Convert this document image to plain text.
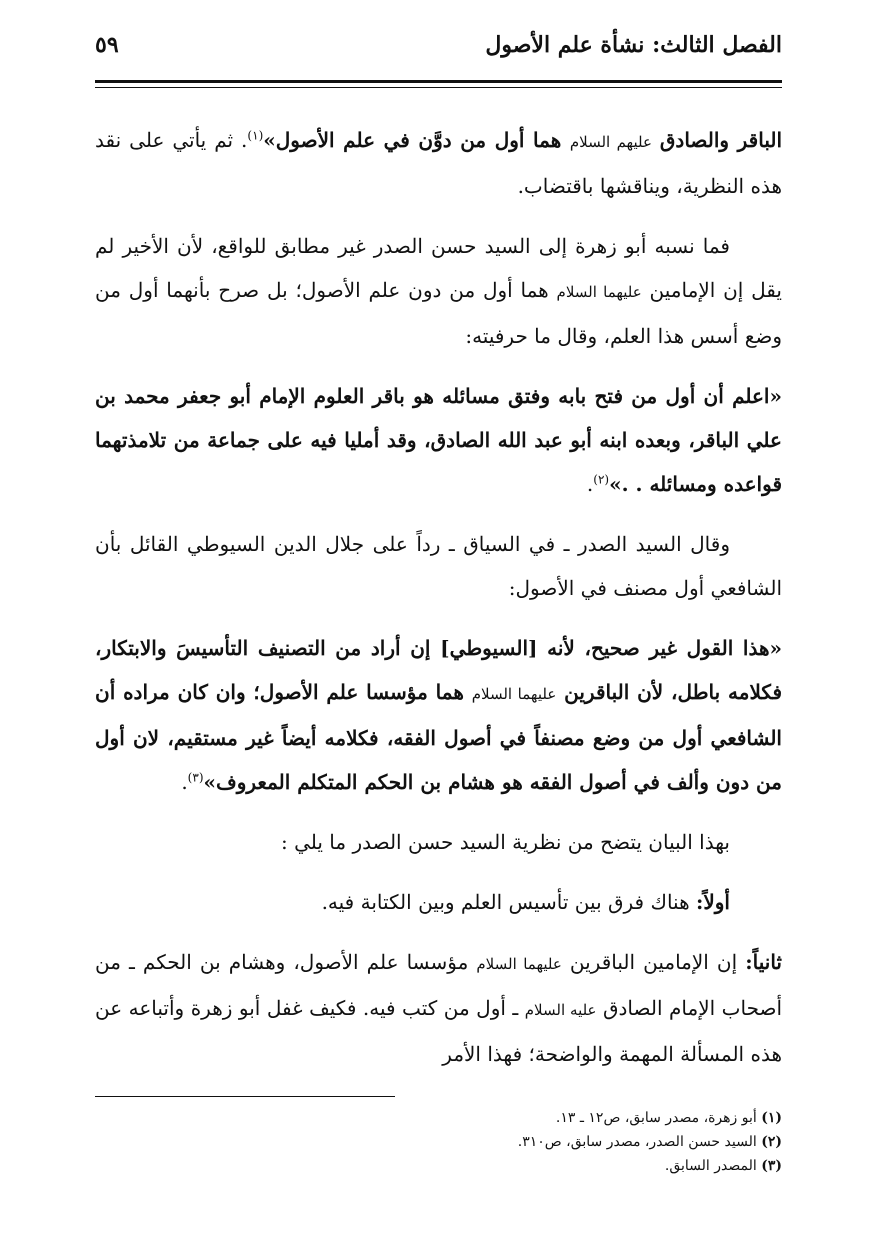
الفصل الثالث: نشأة علم الأصول
٥٩

الباقر والصادق عليهم السلام هما أول من دوَّن في علم الأصول»$^{(١)}$. ثم يأتي على نقد هذه النظرية، ويناقشها باقتضاب.

فما نسبه أبو زهرة إلى السيد حسن الصدر غير مطابق للواقع، لأن الأخير لم يقل إن الإمامين عليهما السلام هما أول من دون علم الأصول؛ بل صرح بأنهما أول من وضع أسس هذا العلم، وقال ما حرفيته:

«اعلم أن أول من فتح بابه وفتق مسائله هو باقر العلوم الإمام أبو جعفر محمد بن علي الباقر، وبعده ابنه أبو عبد الله الصادق، وقد أمليا فيه على جماعة من تلامذتهما قواعده ومسائله . .»$^{(٢)}$.

وقال السيد الصدر ـ في السياق ـ رداً على جلال الدين السيوطي القائل بأن الشافعي أول مصنف في الأصول:

«هذا القول غير صحيح، لأنه [السيوطي] إن أراد من التصنيف التأسيسَ والابتكار، فكلامه باطل، لأن الباقرين عليهما السلام هما مؤسسا علم الأصول؛ وان كان مراده أن الشافعي أول من وضع مصنفاً في أصول الفقه، فكلامه أيضاً غير مستقيم، لان أول من دون وألف في أصول الفقه هو هشام بن الحكم المتكلم المعروف»$^{(٣)}$.

بهذا البيان يتضح من نظرية السيد حسن الصدر ما يلي :

أولاً: هناك فرق بين تأسيس العلم وبين الكتابة فيه.

ثانياً: إن الإمامين الباقرين عليهما السلام مؤسسا علم الأصول، وهشام بن الحكم ـ من أصحاب الإمام الصادق عليه السلام ـ أول من كتب فيه. فكيف غفل أبو زهرة وأتباعه عن هذه المسألة المهمة والواضحة؛ فهذا الأمر

(١) أبو زهرة، مصدر سابق، ص١٢ ـ ١٣.

(٢) السيد حسن الصدر، مصدر سابق، ص٣١٠.

(٣) المصدر السابق.
